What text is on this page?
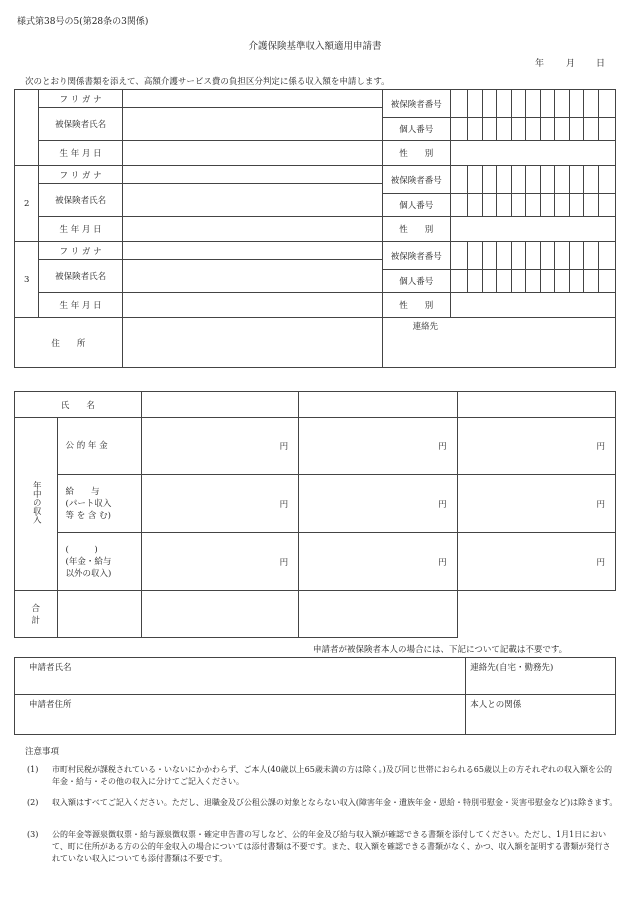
様式第38号の5(第28条の3関係)
介護保険基準収入額適用申請書
年 月 日
次のとおり関係書類を添えて、高額介護サービス費の負担区分判定に係る収入額を申請します。
	フ リ ガ ナ		被保険者番号											
	被保険者氏名													
			個人番号											
	生 年 月 日		性　　別											

2	フ リ ガ ナ		被保険者番号											
	被保険者氏名													
			個人番号											
	生 年 月 日		性　　別											

3	フ リ ガ ナ		被保険者番号											
	被保険者氏名													
			個人番号											
	生 年 月 日		性　　別											

住　　所			連絡先											
氏　　名				
年中の収入	公 的 年 金	円	円	円
	給　　与
(パート収入
等 を 含 む)	円	円	円
	(　　　)
(年金・給与
以外の収入)	円	円	円

合　　計				

申請者が被保険者本人の場合には、下記について記載は不要です。
申請者氏名	連絡先(自宅・勤務先)
申請者住所	本人との関係
注意事項
(1) 市町村民税が課税されている・いないにかかわらず、ご本人(40歳以上65歳未満の方は除く。)及び同じ世帯におられる65歳以上の方それぞれの収入額を公的年金・給与・その他の収入に分けてご記入ください。
(2) 収入額はすべてご記入ください。ただし、退職金及び公租公課の対象とならない収入(障害年金・遺族年金・恩給・特別弔慰金・災害弔慰金など)は除きます。
(3) 公的年金等源泉徴収票・給与源泉徴収票・確定申告書の写しなど、公的年金及び給与収入額が確認できる書類を添付してください。ただし、1月1日において、町に住所がある方の公的年金収入の場合については添付書類は不要です。また、収入額を確認できる書類がなく、かつ、収入額を証明する書類が発行されていない収入についても添付書類は不要です。
